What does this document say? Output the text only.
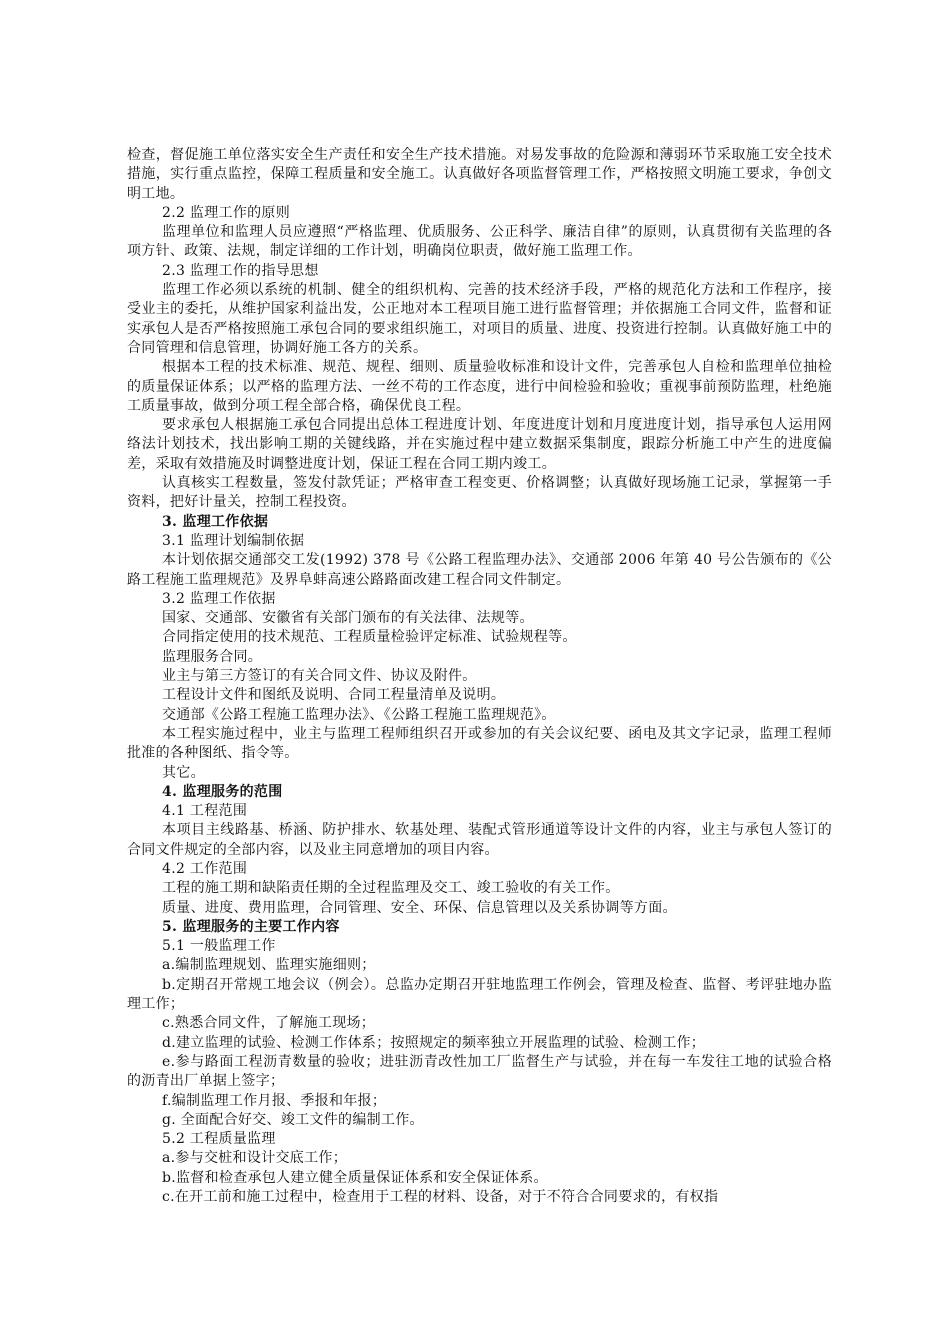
检查，督促施工单位落实安全生产责任和安全生产技术措施。对易发事故的危险源和薄弱环节采取施工安全技术措施，实行重点监控，保障工程质量和安全施工。认真做好各项监督管理工作，严格按照文明施工要求，争创文明工地。

2.2 监理工作的原则

监理单位和监理人员应遵照“严格监理、优质服务、公正科学、廉洁自律”的原则，认真贯彻有关监理的各项方针、政策、法规，制定详细的工作计划，明确岗位职责，做好施工监理工作。

2.3 监理工作的指导思想

监理工作必须以系统的机制、健全的组织机构、完善的技术经济手段，严格的规范化方法和工作程序，接受业主的委托，从维护国家利益出发，公正地对本工程项目施工进行监督管理；并依据施工合同文件，监督和证实承包人是否严格按照施工承包合同的要求组织施工，对项目的质量、进度、投资进行控制。认真做好施工中的合同管理和信息管理，协调好施工各方的关系。

根据本工程的技术标准、规范、规程、细则、质量验收标准和设计文件，完善承包人自检和监理单位抽检的质量保证体系；以严格的监理方法、一丝不苟的工作态度，进行中间检验和验收；重视事前预防监理，杜绝施工质量事故，做到分项工程全部合格，确保优良工程。

要求承包人根据施工承包合同提出总体工程进度计划、年度进度计划和月度进度计划，指导承包人运用网络法计划技术，找出影响工期的关键线路，并在实施过程中建立数据采集制度，跟踪分析施工中产生的进度偏差，采取有效措施及时调整进度计划，保证工程在合同工期内竣工。

认真核实工程数量，签发付款凭证；严格审查工程变更、价格调整；认真做好现场施工记录，掌握第一手资料，把好计量关，控制工程投资。

3. 监理工作依据

3.1 监理计划编制依据

本计划依据交通部交工发(1992) 378 号《公路工程监理办法》、交通部 2006 年第 40 号公告颁布的《公路工程施工监理规范》及界阜蚌高速公路路面改建工程合同文件制定。

3.2 监理工作依据

国家、交通部、安徽省有关部门颁布的有关法律、法规等。

合同指定使用的技术规范、工程质量检验评定标准、试验规程等。

监理服务合同。

业主与第三方签订的有关合同文件、协议及附件。

工程设计文件和图纸及说明、合同工程量清单及说明。

交通部《公路工程施工监理办法》、《公路工程施工监理规范》。

本工程实施过程中，业主与监理工程师组织召开或参加的有关会议纪要、函电及其文字记录，监理工程师批准的各种图纸、指令等。

其它。

4. 监理服务的范围

4.1 工程范围

本项目主线路基、桥涵、防护排水、软基处理、装配式管形通道等设计文件的内容，业主与承包人签订的合同文件规定的全部内容，以及业主同意增加的项目内容。

4.2 工作范围

工程的施工期和缺陷责任期的全过程监理及交工、竣工验收的有关工作。

质量、进度、费用监理，合同管理、安全、环保、信息管理以及关系协调等方面。

5. 监理服务的主要工作内容

5.1 一般监理工作

a.编制监理规划、监理实施细则；

b.定期召开常规工地会议（例会）。总监办定期召开驻地监理工作例会，管理及检查、监督、考评驻地办监理工作；

c.熟悉合同文件，了解施工现场；

d.建立监理的试验、检测工作体系；按照规定的频率独立开展监理的试验、检测工作；

e.参与路面工程沥青数量的验收；进驻沥青改性加工厂监督生产与试验，并在每一车发往工地的试验合格的沥青出厂单据上签字；

f.编制监理工作月报、季报和年报；

g. 全面配合好交、竣工文件的编制工作。

5.2 工程质量监理

a.参与交桩和设计交底工作；

b.监督和检查承包人建立健全质量保证体系和安全保证体系。

c.在开工前和施工过程中，检查用于工程的材料、设备，对于不符合合同要求的，有权指
